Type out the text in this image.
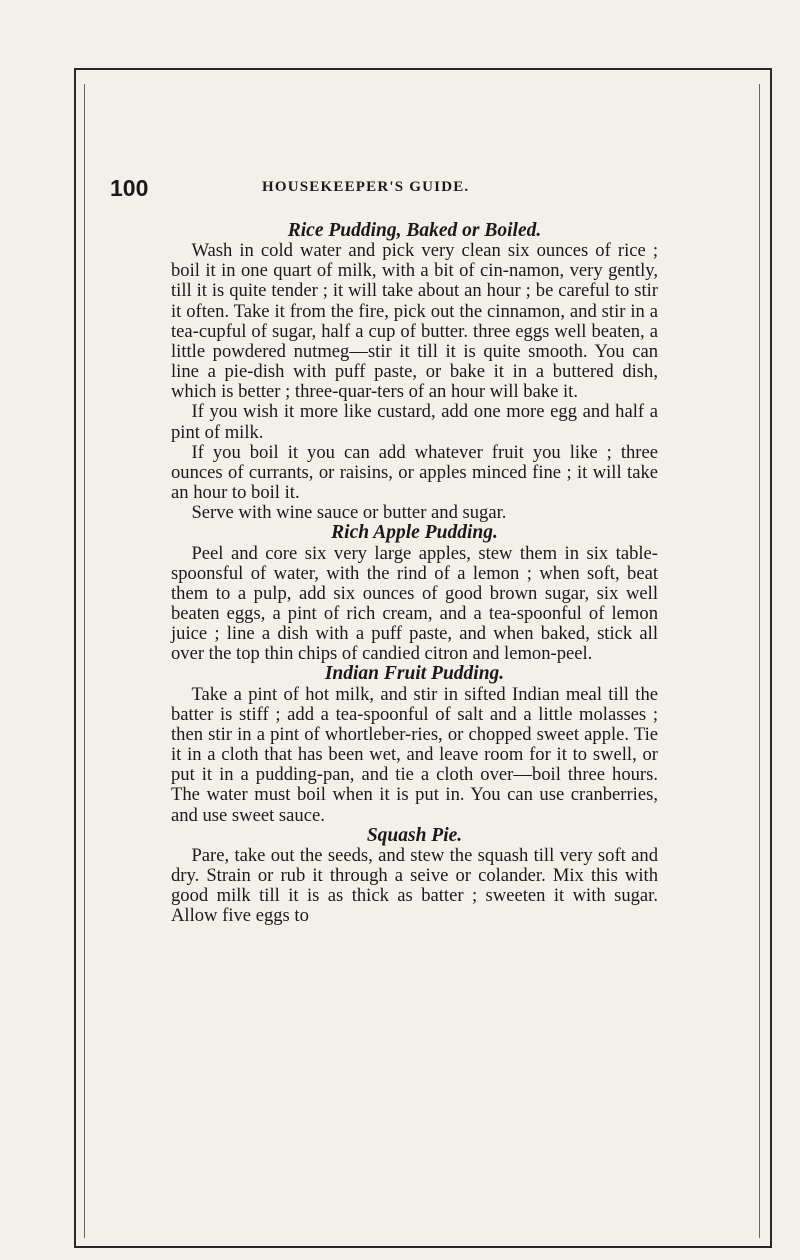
100	HOUSEKEEPER'S GUIDE.
Rice Pudding, Baked or Boiled.

Wash in cold water and pick very clean six ounces of rice ; boil it in one quart of milk, with a bit of cin-namon, very gently, till it is quite tender ; it will take about an hour ; be careful to stir it often. Take it from the fire, pick out the cinnamon, and stir in a tea-cupful of sugar, half a cup of butter. three eggs well beaten, a little powdered nutmeg—stir it till it is quite smooth. You can line a pie-dish with puff paste, or bake it in a buttered dish, which is better ; three-quar-ters of an hour will bake it.

If you wish it more like custard, add one more egg and half a pint of milk.

If you boil it you can add whatever fruit you like ; three ounces of currants, or raisins, or apples minced fine ; it will take an hour to boil it.

Serve with wine sauce or butter and sugar.

Rich Apple Pudding.

Peel and core six very large apples, stew them in six table-spoonsful of water, with the rind of a lemon ; when soft, beat them to a pulp, add six ounces of good brown sugar, six well beaten eggs, a pint of rich cream, and a tea-spoonful of lemon juice ; line a dish with a puff paste, and when baked, stick all over the top thin chips of candied citron and lemon-peel.

Indian Fruit Pudding.

Take a pint of hot milk, and stir in sifted Indian meal till the batter is stiff ; add a tea-spoonful of salt and a little molasses ; then stir in a pint of whortleber-ries, or chopped sweet apple. Tie it in a cloth that has been wet, and leave room for it to swell, or put it in a pudding-pan, and tie a cloth over—boil three hours. The water must boil when it is put in. You can use cranberries, and use sweet sauce.

Squash Pie.

Pare, take out the seeds, and stew the squash till very soft and dry. Strain or rub it through a seive or colander. Mix this with good milk till it is as thick as batter ; sweeten it with sugar. Allow five eggs to
